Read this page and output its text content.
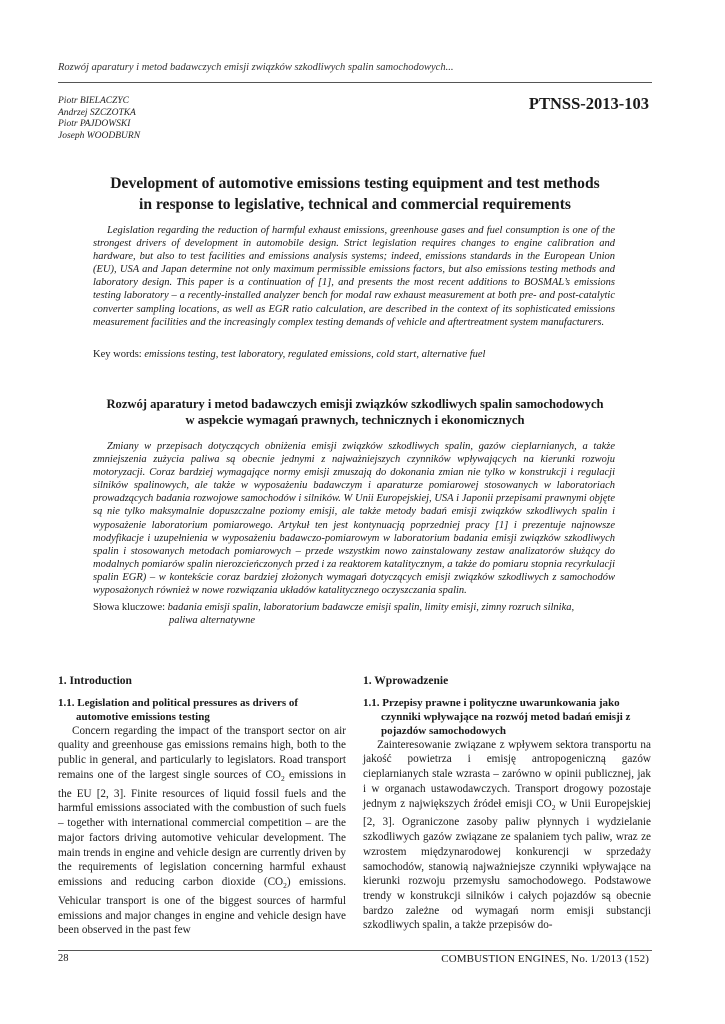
Rozwój aparatury i metod badawczych emisji związków szkodliwych spalin samochodowych...
Piotr BIELACZYC
Andrzej SZCZOTKA
Piotr PAJDOWSKI
Joseph WOODBURN
PTNSS-2013-103
Development of automotive emissions testing equipment and test methods
in response to legislative, technical and commercial requirements
Legislation regarding the reduction of harmful exhaust emissions, greenhouse gases and fuel consumption is one of the strongest drivers of development in automobile design. Strict legislation requires changes to engine calibration and hardware, but also to test facilities and emissions analysis systems; indeed, emissions standards in the European Union (EU), USA and Japan determine not only maximum permissible emissions factors, but also emissions testing methods and laboratory design. This paper is a continuation of [1], and presents the most recent additions to BOSMAL’s emissions testing laboratory – a recently-installed analyzer bench for modal raw exhaust measurement at both pre- and post-catalytic converter sampling locations, as well as EGR ratio calculation, are described in the context of its sophisticated emissions measurement facilities and the increasingly complex testing demands of vehicle and aftertreatment system manufacturers.
Key words: emissions testing, test laboratory, regulated emissions, cold start, alternative fuel
Rozwój aparatury i metod badawczych emisji związków szkodliwych spalin samochodowych
w aspekcie wymagań prawnych, technicznych i ekonomicznych
Zmiany w przepisach dotyczących obniżenia emisji związków szkodliwych spalin, gazów cieplarnianych, a także zmniejszenia zużycia paliwa są obecnie jednymi z najważniejszych czynników wpływających na kierunki rozwoju motoryzacji. Coraz bardziej wymagające normy emisji zmuszają do dokonania zmian nie tylko w konstrukcji i regulacji silników spalinowych, ale także w wyposażeniu badawczym i aparaturze pomiarowej stosowanych w laboratoriach prowadzących badania rozwojowe samochodów i silników. W Unii Europejskiej, USA i Japonii przepisami prawnymi objęte są nie tylko maksymalnie dopuszczalne poziomy emisji, ale także metody badań emisji związków szkodliwych spalin i wyposażenie laboratorium pomiarowego. Artykuł ten jest kontynuacją poprzedniej pracy [1] i prezentuje najnowsze modyfikacje i uzupełnienia w wyposażeniu badawczo-pomiarowym w laboratorium badania emisji związków szkodliwych spalin i stosowanych metodach pomiarowych – przede wszystkim nowo zainstalowany zestaw analizatorów służący do modalnych pomiarów spalin nierozcieńczonych przed i za reaktorem katalitycznym, a także do pomiaru stopnia recyrkulacji spalin EGR) – w kontekście coraz bardziej złożonych wymagań dotyczących emisji związków szkodliwych z samochodów wyposażonych również w nowe rozwiązania układów katalitycznego oczyszczania spalin.
Słowa kluczowe: badania emisji spalin, laboratorium badawcze emisji spalin, limity emisji, zimny rozruch silnika,
paliwa alternatywne
1. Introduction
1.1. Legislation and political pressures as drivers of automotive emissions testing
Concern regarding the impact of the transport sector on air quality and greenhouse gas emissions remains high, both to the public in general, and particularly to legislators. Road transport remains one of the largest single sources of $CO_2$ emissions in the EU [2, 3]. Finite resources of liquid fossil fuels and the harmful emissions associated with the combustion of such fuels – together with international commercial competition – are the major factors driving automotive vehicular development. The main trends in engine and vehicle design are currently driven by the requirements of legislation concerning harmful exhaust emissions and reducing carbon dioxide $(CO_2)$ emissions. Vehicular transport is one of the biggest sources of harmful emissions and major changes in engine and vehicle design have been observed in the past few
1. Wprowadzenie
1.1. Przepisy prawne i polityczne uwarunkowania jako czynniki wpływające na rozwój metod badań emisji z pojazdów samochodowych
Zainteresowanie związane z wpływem sektora transportu na jakość powietrza i emisję antropogeniczną gazów cieplarnianych stale wzrasta – zarówno w opinii publicznej, jak i w organach ustawodawczych. Transport drogowy pozostaje jednym z największych źródeł emisji $CO_2$ w Unii Europejskiej [2, 3]. Ograniczone zasoby paliw płynnych i wydzielanie szkodliwych gazów związane ze spalaniem tych paliw, wraz ze wzrostem międzynarodowej konkurencji w sprzedaży samochodów, stanowią najważniejsze czynniki wpływające na kierunki rozwoju przemysłu samochodowego. Podstawowe trendy w konstrukcji silników i całych pojazdów są obecnie bardzo zależne od wymagań norm emisji substancji szkodliwych spalin, a także przepisów do-
28	COMBUSTION ENGINES, No. 1/2013 (152)
